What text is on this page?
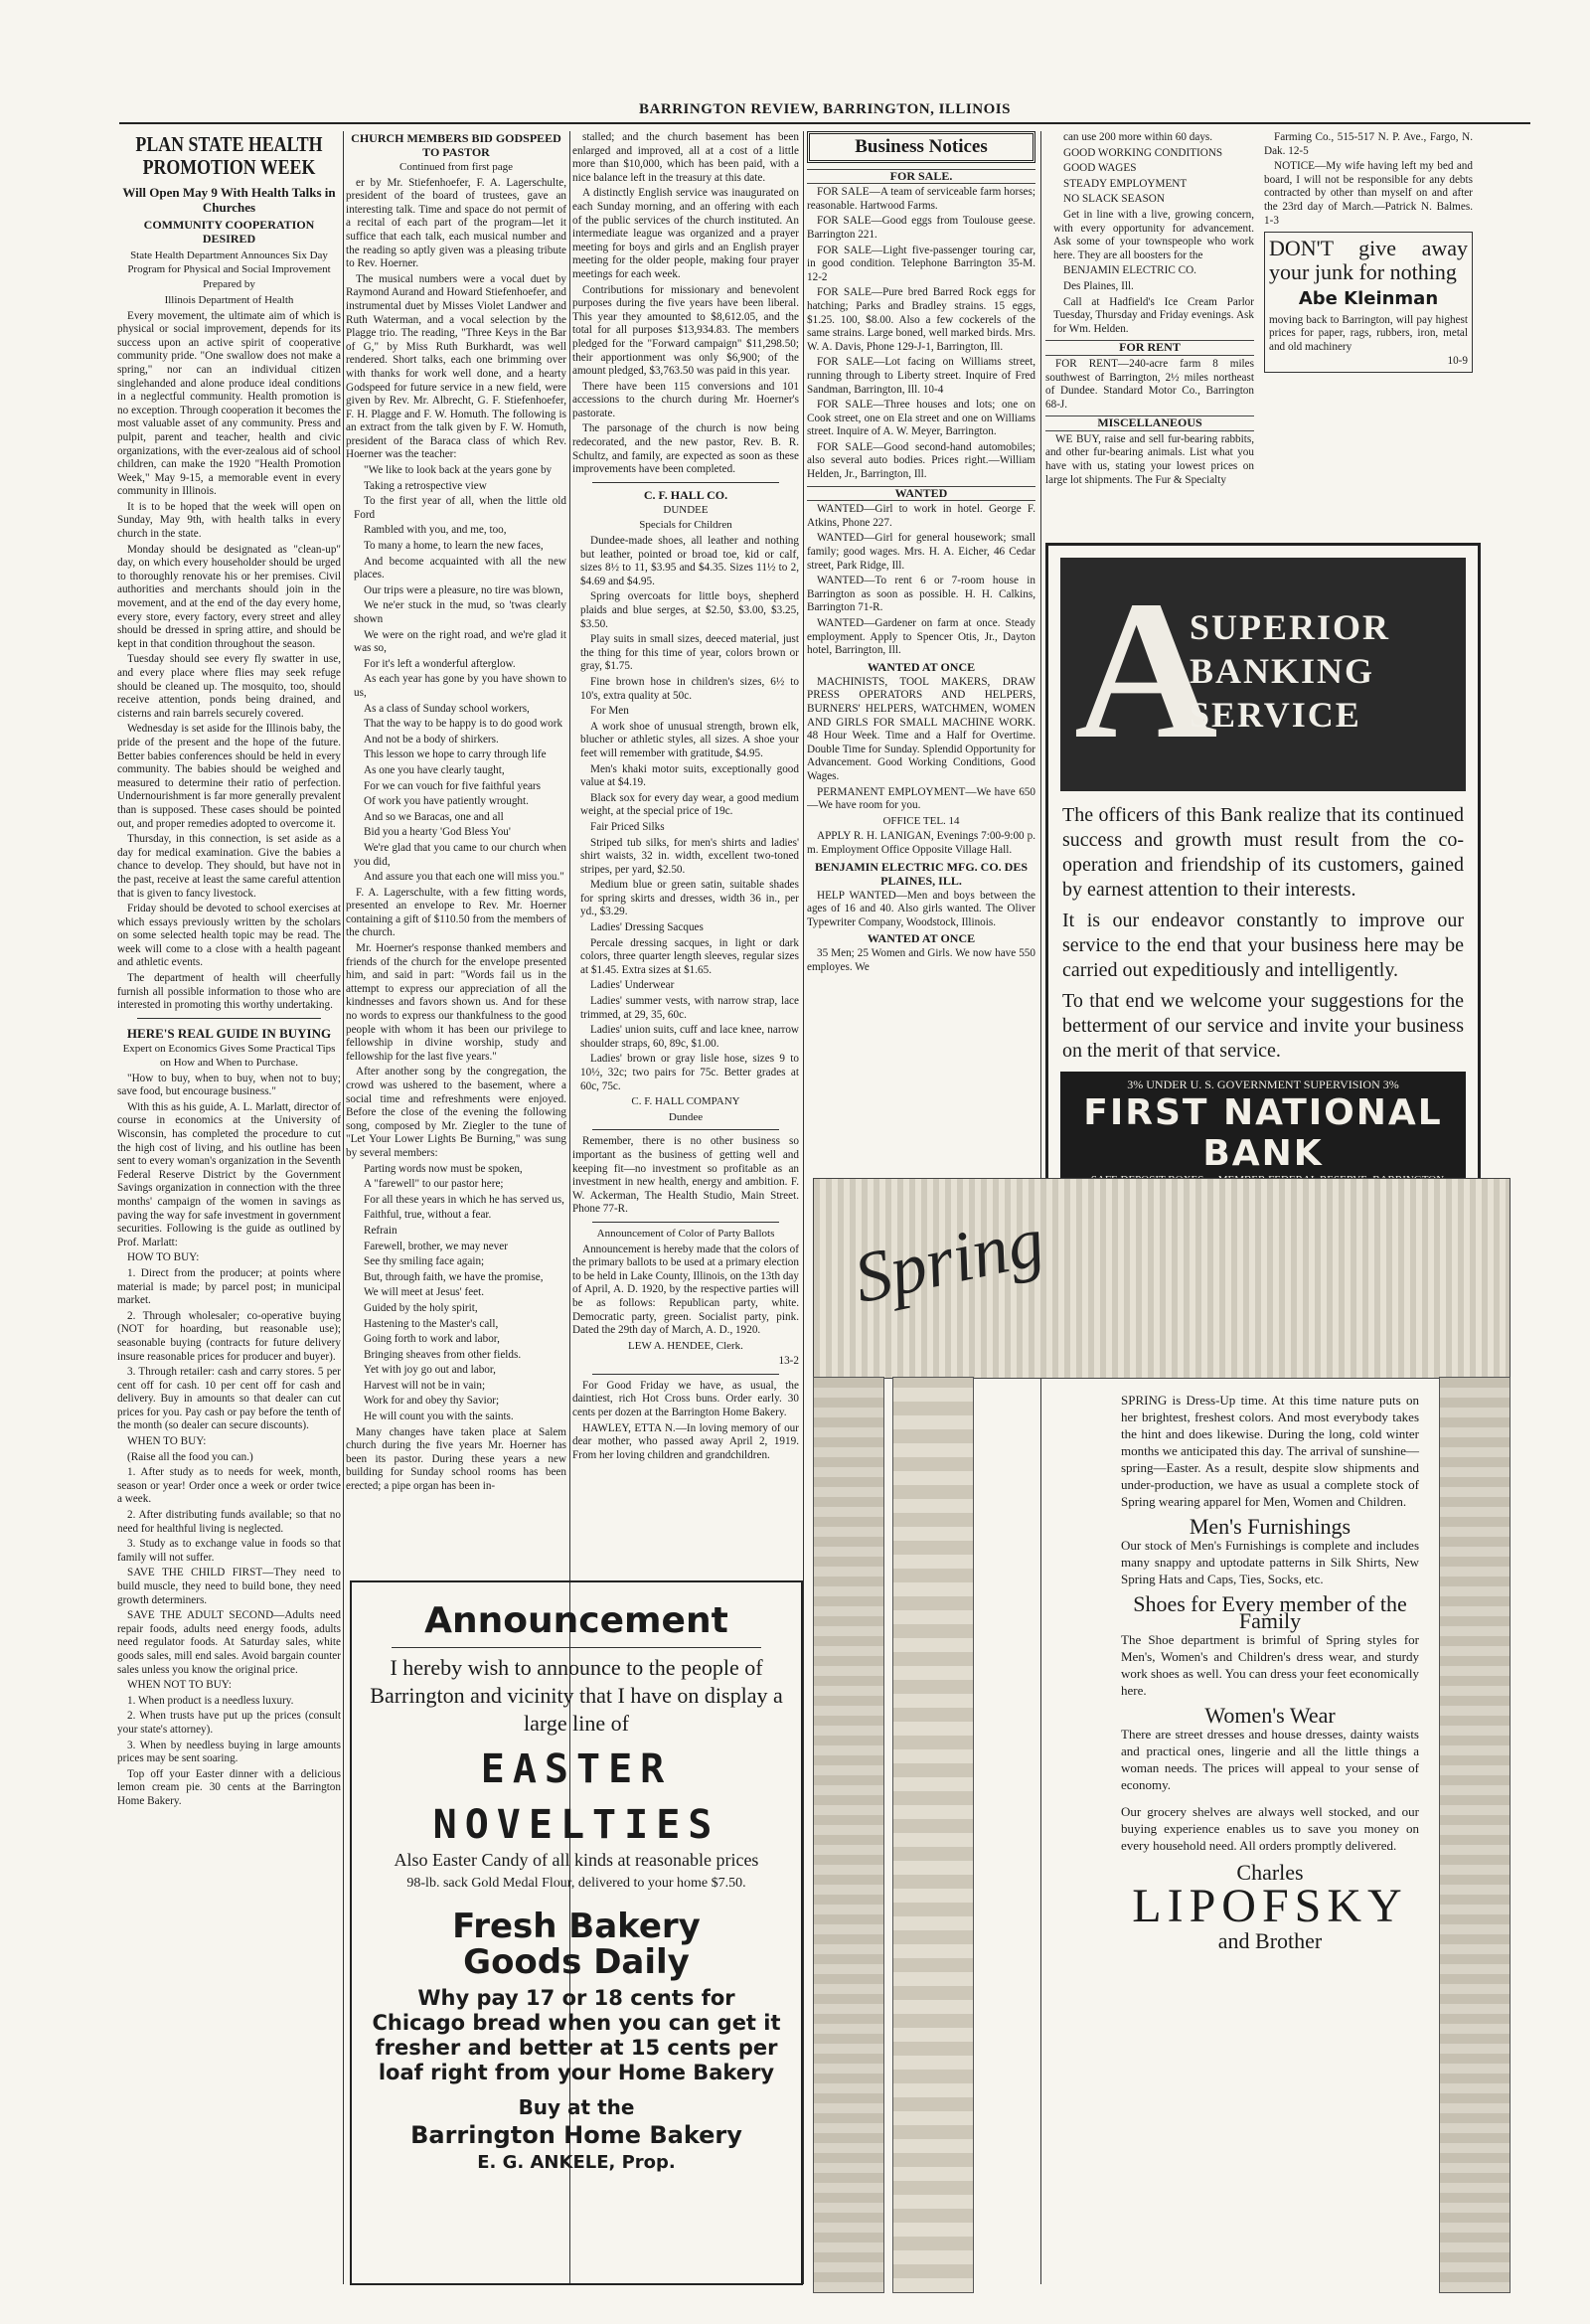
BARRINGTON REVIEW, BARRINGTON, ILLINOIS
PLAN STATE HEALTH PROMOTION WEEK
Will Open May 9 With Health Talks in Churches
COMMUNITY COOPERATION DESIRED
State Health Department Announces Six Day Program for Physical and Social Improvement
Prepared by
Illinois Department of Health

Every movement, the ultimate aim of which is physical or social improvement, depends for its success upon an active spirit of cooperative community pride. "One swallow does not make a spring," nor can an individual citizen singlehanded and alone produce ideal conditions in a neglectful community. Health promotion is no exception. Through cooperation it becomes the most valuable asset of any community. Press and pulpit, parent and teacher, health and civic organizations, with the ever-zealous aid of school children, can make the 1920 "Health Promotion Week," May 9-15, a memorable event in every community in Illinois.

It is to be hoped that the week will open on Sunday, May 9th, with health talks in every church in the state.

Monday should be designated as "clean-up" day, on which every householder should be urged to thoroughly renovate his or her premises. Civil authorities and merchants should join in the movement, and at the end of the day every home, every store, every factory, every street and alley should be dressed in spring attire, and should be kept in that condition throughout the season.

Tuesday should see every fly swatter in use, and every place where flies may seek refuge should be cleaned up. The mosquito, too, should receive attention, ponds being drained, and cisterns and rain barrels securely covered.

Wednesday is set aside for the Illinois baby, the pride of the present and the hope of the future. Better babies conferences should be held in every community. The babies should be weighed and measured to determine their ratio of perfection. Undernourishment is far more generally prevalent than is supposed. These cases should be pointed out, and proper remedies adopted to overcome it.

Thursday, in this connection, is set aside as a day for medical examination. Give the babies a chance to develop. They should, but have not in the past, receive at least the same careful attention that is given to fancy livestock.

Friday should be devoted to school exercises at which essays previously written by the scholars on some selected health topic may be read. The week will come to a close with a health pageant and athletic events.

The department of health will cheerfully furnish all possible information to those who are interested in promoting this worthy undertaking.

HERE'S REAL GUIDE IN BUYING
Expert on Economics Gives Some Practical Tips on How and When to Purchase.

"How to buy, when to buy, when not to buy; save food, but encourage business."

With this as his guide, A. L. Marlatt, director of course in economics at the University of Wisconsin, has completed the procedure to cut the high cost of living, and his outline has been sent to every woman's organization in the Seventh Federal Reserve District by the Government Savings organization in connection with the three months' campaign of the women in savings as paving the way for safe investment in government securities. Following is the guide as outlined by Prof. Marlatt:

HOW TO BUY:

1. Direct from the producer; at points where material is made; by parcel post; in municipal market.

2. Through wholesaler; co-operative buying (NOT for hoarding, but reasonable use); seasonable buying (contracts for future delivery insure reasonable prices for producer and buyer).

3. Through retailer: cash and carry stores. 5 per cent off for cash. 10 per cent off for cash and delivery. Buy in amounts so that dealer can cut prices for you. Pay cash or pay before the tenth of the month (so dealer can secure discounts).

WHEN TO BUY:

(Raise all the food you can.)

1. After study as to needs for week, month, season or year! Order once a week or order twice a week.

2. After distributing funds available; so that no need for healthful living is neglected.

3. Study as to exchange value in foods so that family will not suffer.

SAVE THE CHILD FIRST—They need to build muscle, they need to build bone, they need growth determiners.

SAVE THE ADULT SECOND—Adults need repair foods, adults need energy foods, adults need regulator foods. At Saturday sales, white goods sales, mill end sales. Avoid bargain counter sales unless you know the original price.

WHEN NOT TO BUY:

1. When product is a needless luxury.

2. When trusts have put up the prices (consult your state's attorney).

3. When by needless buying in large amounts prices may be sent soaring.

Top off your Easter dinner with a delicious lemon cream pie. 30 cents at the Barrington Home Bakery.

CHURCH MEMBERS BID GODSPEED TO PASTOR
Continued from first page

er by Mr. Stiefenhoefer, F. A. Lagerschulte, president of the board of trustees, gave an interesting talk. Time and space do not permit of a recital of each part of the program—let it suffice that each talk, each musical number and the reading so aptly given was a pleasing tribute to Rev. Hoerner.

The musical numbers were a vocal duet by Raymond Aurand and Howard Stiefenhoefer, and instrumental duet by Misses Violet Landwer and Ruth Waterman, and a vocal selection by the Plagge trio. The reading, "Three Keys in the Bar of G," by Miss Ruth Burkhardt, was well rendered. Short talks, each one brimming over with thanks for work well done, and a hearty Godspeed for future service in a new field, were given by Rev. Mr. Albrecht, G. F. Stiefenhoefer, F. H. Plagge and F. W. Homuth. The following is an extract from the talk given by F. W. Homuth, president of the Baraca class of which Rev. Hoerner was the teacher:

"We like to look back at the years gone by

Taking a retrospective view

To the first year of all, when the little old Ford

Rambled with you, and me, too,

To many a home, to learn the new faces,

And become acquainted with all the new places.

Our trips were a pleasure, no tire was blown,

We ne'er stuck in the mud, so 'twas clearly shown

We were on the right road, and we're glad it was so,

For it's left a wonderful afterglow.

As each year has gone by you have shown to us,

As a class of Sunday school workers,

That the way to be happy is to do good work

And not be a body of shirkers.

This lesson we hope to carry through life

As one you have clearly taught,

For we can vouch for five faithful years

Of work you have patiently wrought.

And so we Baracas, one and all

Bid you a hearty 'God Bless You'

We're glad that you came to our church when you did,

And assure you that each one will miss you."

F. A. Lagerschulte, with a few fitting words, presented an envelope to Rev. Mr. Hoerner containing a gift of $110.50 from the members of the church.

Mr. Hoerner's response thanked members and friends of the church for the envelope presented him, and said in part: "Words fail us in the attempt to express our appreciation of all the kindnesses and favors shown us. And for these no words to express our thankfulness to the good people with whom it has been our privilege to fellowship in divine worship, study and fellowship for the last five years."

After another song by the congregation, the crowd was ushered to the basement, where a social time and refreshments were enjoyed. Before the close of the evening the following song, composed by Mr. Ziegler to the tune of "Let Your Lower Lights Be Burning," was sung by several members:

Parting words now must be spoken,

A "farewell" to our pastor here;

For all these years in which he has served us,

Faithful, true, without a fear.

Refrain

Farewell, brother, we may never

See thy smiling face again;

But, through faith, we have the promise,

We will meet at Jesus' feet.

Guided by the holy spirit,

Hastening to the Master's call,

Going forth to work and labor,

Bringing sheaves from other fields.

Yet with joy go out and labor,

Harvest will not be in vain;

Work for and obey thy Savior;

He will count you with the saints.

Many changes have taken place at Salem church during the five years Mr. Hoerner has been its pastor. During these years a new building for Sunday school rooms has been erected; a pipe organ has been in-

stalled; and the church basement has been enlarged and improved, all at a cost of a little more than $10,000, which has been paid, with a nice balance left in the treasury at this date.

A distinctly English service was inaugurated on each Sunday morning, and an offering with each of the public services of the church instituted. An intermediate league was organized and a prayer meeting for boys and girls and an English prayer meeting for the older people, making four prayer meetings for each week.

Contributions for missionary and benevolent purposes during the five years have been liberal. This year they amounted to $8,612.05, and the total for all purposes $13,934.83. The members pledged for the "Forward campaign" $11,298.50; their apportionment was only $6,900; of the amount pledged, $3,763.50 was paid in this year.

There have been 115 conversions and 101 accessions to the church during Mr. Hoerner's pastorate.

The parsonage of the church is now being redecorated, and the new pastor, Rev. B. R. Schultz, and family, are expected as soon as these improvements have been completed.

C. F. HALL CO.
DUNDEE
Specials for Children

Dundee-made shoes, all leather and nothing but leather, pointed or broad toe, kid or calf, sizes 8½ to 11, $3.95 and $4.35. Sizes 11½ to 2, $4.69 and $4.95.

Spring overcoats for little boys, shepherd plaids and blue serges, at $2.50, $3.00, $3.25, $3.50.

Play suits in small sizes, deeced material, just the thing for this time of year, colors brown or gray, $1.75.

Fine brown hose in children's sizes, 6½ to 10's, extra quality at 50c.

For Men

A work shoe of unusual strength, brown elk, blucher or athletic styles, all sizes. A shoe your feet will remember with gratitude, $4.95.

Men's khaki motor suits, exceptionally good value at $4.19.

Black sox for every day wear, a good medium weight, at the special price of 19c.

Fair Priced Silks

Striped tub silks, for men's shirts and ladies' shirt waists, 32 in. width, excellent two-toned stripes, per yard, $2.50.

Medium blue or green satin, suitable shades for spring skirts and dresses, width 36 in., per yd., $3.29.

Ladies' Dressing Sacques

Percale dressing sacques, in light or dark colors, three quarter length sleeves, regular sizes at $1.45. Extra sizes at $1.65.

Ladies' Underwear

Ladies' summer vests, with narrow strap, lace trimmed, at 29, 35, 60c.

Ladies' union suits, cuff and lace knee, narrow shoulder straps, 60, 89c, $1.00.

Ladies' brown or gray lisle hose, sizes 9 to 10½, 32c; two pairs for 75c. Better grades at 60c, 75c.

C. F. HALL COMPANY
Dundee

Remember, there is no other business so important as the business of getting well and keeping fit—no investment so profitable as an investment in new health, energy and ambition. F. W. Ackerman, The Health Studio, Main Street. Phone 77-R.

Announcement of Color of Party Ballots

Announcement is hereby made that the colors of the primary ballots to be used at a primary election to be held in Lake County, Illinois, on the 13th day of April, A. D. 1920, by the respective parties will be as follows: Republican party, white. Democratic party, green. Socialist party, pink. Dated the 29th day of March, A. D., 1920.

LEW A. HENDEE, Clerk.
13-2

For Good Friday we have, as usual, the daintiest, rich Hot Cross buns. Order early. 30 cents per dozen at the Barrington Home Bakery.

HAWLEY, ETTA N.—In loving memory of our dear mother, who passed away April 2, 1919. From her loving children and grandchildren.

Business Notices
FOR SALE.

FOR SALE—A team of serviceable farm horses; reasonable. Hartwood Farms.

FOR SALE—Good eggs from Toulouse geese. Barrington 221.

FOR SALE—Light five-passenger touring car, in good condition. Telephone Barrington 35-M. 12-2

FOR SALE—Pure bred Barred Rock eggs for hatching; Parks and Bradley strains. 15 eggs, $1.25. 100, $8.00. Also a few cockerels of the same strains. Large boned, well marked birds. Mrs. W. A. Davis, Phone 129-J-1, Barrington, Ill.

FOR SALE—Lot facing on Williams street, running through to Liberty street. Inquire of Fred Sandman, Barrington, Ill. 10-4

FOR SALE—Three houses and lots; one on Cook street, one on Ela street and one on Williams street. Inquire of A. W. Meyer, Barrington.

FOR SALE—Good second-hand automobiles; also several auto bodies. Prices right.—William Helden, Jr., Barrington, Ill.

WANTED

WANTED—Girl to work in hotel. George F. Atkins, Phone 227.

WANTED—Girl for general housework; small family; good wages. Mrs. H. A. Eicher, 46 Cedar street, Park Ridge, Ill.

WANTED—To rent 6 or 7-room house in Barrington as soon as possible. H. H. Calkins, Barrington 71-R.

WANTED—Gardener on farm at once. Steady employment. Apply to Spencer Otis, Jr., Dayton hotel, Barrington, Ill.

WANTED AT ONCE

MACHINISTS, TOOL MAKERS, DRAW PRESS OPERATORS AND HELPERS, BURNERS' HELPERS, WATCHMEN, WOMEN AND GIRLS FOR SMALL MACHINE WORK. 48 Hour Week. Time and a Half for Overtime. Double Time for Sunday. Splendid Opportunity for Advancement. Good Working Conditions, Good Wages.

PERMANENT EMPLOYMENT—We have 650—We have room for you.

OFFICE TEL. 14

APPLY R. H. LANIGAN, Evenings 7:00-9:00 p. m. Employment Office Opposite Village Hall.

BENJAMIN ELECTRIC MFG. CO. DES PLAINES, ILL.

HELP WANTED—Men and boys between the ages of 16 and 40. Also girls wanted. The Oliver Typewriter Company, Woodstock, Illinois.

WANTED AT ONCE

35 Men; 25 Women and Girls. We now have 550 employes. We

can use 200 more within 60 days.

GOOD WORKING CONDITIONS

GOOD WAGES

STEADY EMPLOYMENT

NO SLACK SEASON

Get in line with a live, growing concern, with every opportunity for advancement. Ask some of your townspeople who work here. They are all boosters for the

BENJAMIN ELECTRIC CO.

Des Plaines, Ill.

Call at Hadfield's Ice Cream Parlor Tuesday, Thursday and Friday evenings. Ask for Wm. Helden.

FOR RENT

FOR RENT—240-acre farm 8 miles southwest of Barrington, 2½ miles northeast of Dundee. Standard Motor Co., Barrington 68-J.

MISCELLANEOUS

WE BUY, raise and sell fur-bearing rabbits, and other fur-bearing animals. List what you have with us, stating your lowest prices on large lot shipments. The Fur & Specialty

Farming Co., 515-517 N. P. Ave., Fargo, N. Dak. 12-5

NOTICE—My wife having left my bed and board, I will not be responsible for any debts contracted by other than myself on and after the 23rd day of March.—Patrick N. Balmes. 1-3

DON'T give away your junk for nothing
Abe Kleinman
moving back to Barrington, will pay highest prices for paper, rags, rubbers, iron, metal and old machinery
10-9
A
SUPERIOR
BANKING
SERVICE

The officers of this Bank realize that its continued success and growth must result from the co-operation and friendship of its customers, gained by earnest attention to their interests.

It is our endeavor constantly to improve our service to the end that your business here may be carried out expeditiously and intelligently.

To that end we welcome your suggestions for the betterment of our service and invite your business on the merit of that service.

3% UNDER U. S. GOVERNMENT SUPERVISION 3%
FIRST NATIONAL BANK
Announcement
I hereby wish to announce to the people of Barrington and vicinity that I have on display a large line of
EASTER
NOVELTIES
Also Easter Candy of all kinds at reasonable prices
98-lb. sack Gold Medal Flour, delivered to your home $7.50.
Fresh Bakery
Goods Daily
Why pay 17 or 18 cents for Chicago bread when you can get it fresher and better at 15 cents per loaf right from your Home Bakery
Buy at the
Barrington Home Bakery
E. G. ANKELE, Prop.
Spring

SPRING is Dress-Up time. At this time nature puts on her brightest, freshest colors. And most everybody takes the hint and does likewise. During the long, cold winter months we anticipated this day. The arrival of sunshine—spring—Easter. As a result, despite slow shipments and under-production, we have as usual a complete stock of Spring wearing apparel for Men, Women and Children.

Men's Furnishings

Our stock of Men's Furnishings is complete and includes many snappy and uptodate patterns in Silk Shirts, New Spring Hats and Caps, Ties, Socks, etc.

Shoes for Every member of the Family

The Shoe department is brimful of Spring styles for Men's, Women's and Children's dress wear, and sturdy work shoes as well. You can dress your feet economically here.

Women's Wear

There are street dresses and house dresses, dainty waists and practical ones, lingerie and all the little things a woman needs. The prices will appeal to your sense of economy.

Our grocery shelves are always well stocked, and our buying experience enables us to save you money on every household need. All orders promptly delivered.

Charles
LIPOFSKY
and Brother
